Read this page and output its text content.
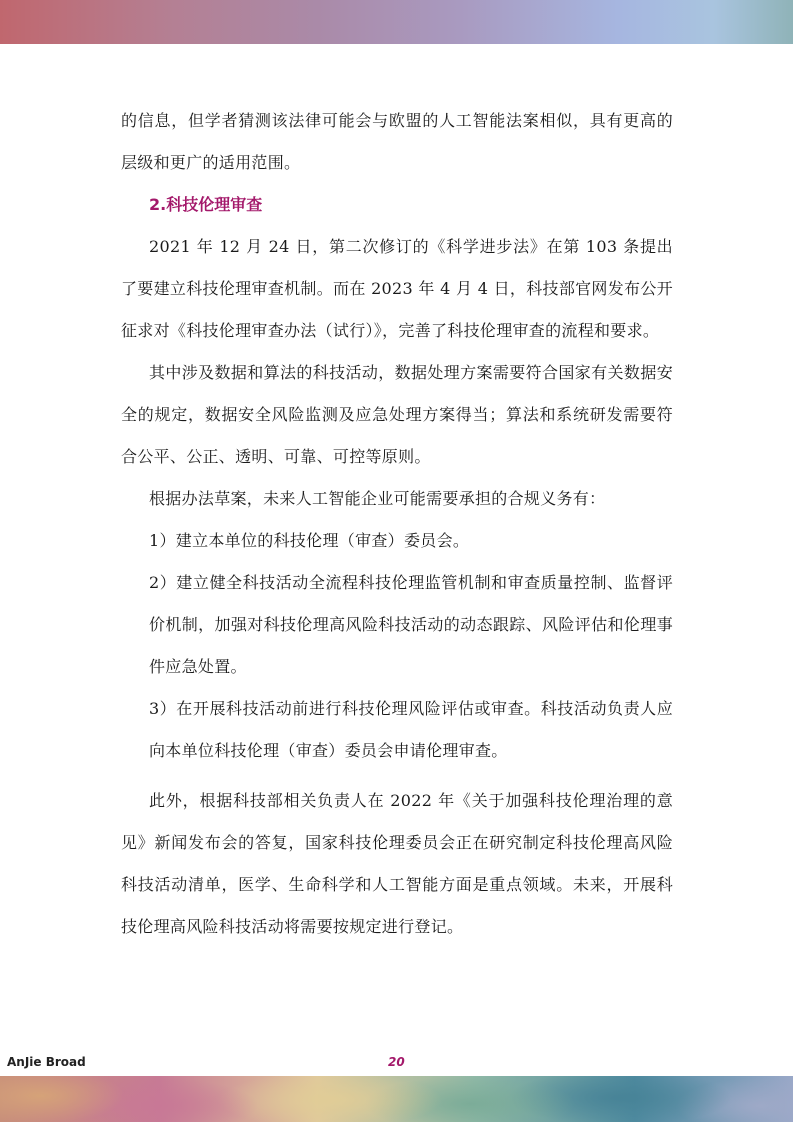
的信息，但学者猜测该法律可能会与欧盟的人工智能法案相似，具有更高的层级和更广的适用范围。

2.科技伦理审查

2021 年 12 月 24 日，第二次修订的《科学进步法》在第 103 条提出了要建立科技伦理审查机制。而在 2023 年 4 月 4 日，科技部官网发布公开征求对《科技伦理审查办法（试行）》，完善了科技伦理审查的流程和要求。

其中涉及数据和算法的科技活动，数据处理方案需要符合国家有关数据安全的规定，数据安全风险监测及应急处理方案得当；算法和系统研发需要符合公平、公正、透明、可靠、可控等原则。

根据办法草案，未来人工智能企业可能需要承担的合规义务有：

1）建立本单位的科技伦理（审查）委员会。

2）建立健全科技活动全流程科技伦理监管机制和审查质量控制、监督评价机制，加强对科技伦理高风险科技活动的动态跟踪、风险评估和伦理事件应急处置。

3）在开展科技活动前进行科技伦理风险评估或审查。科技活动负责人应向本单位科技伦理（审查）委员会申请伦理审查。

此外，根据科技部相关负责人在 2022 年《关于加强科技伦理治理的意见》新闻发布会的答复，国家科技伦理委员会正在研究制定科技伦理高风险科技活动清单，医学、生命科学和人工智能方面是重点领域。未来，开展科技伦理高风险科技活动将需要按规定进行登记。

AnJie Broad	20
